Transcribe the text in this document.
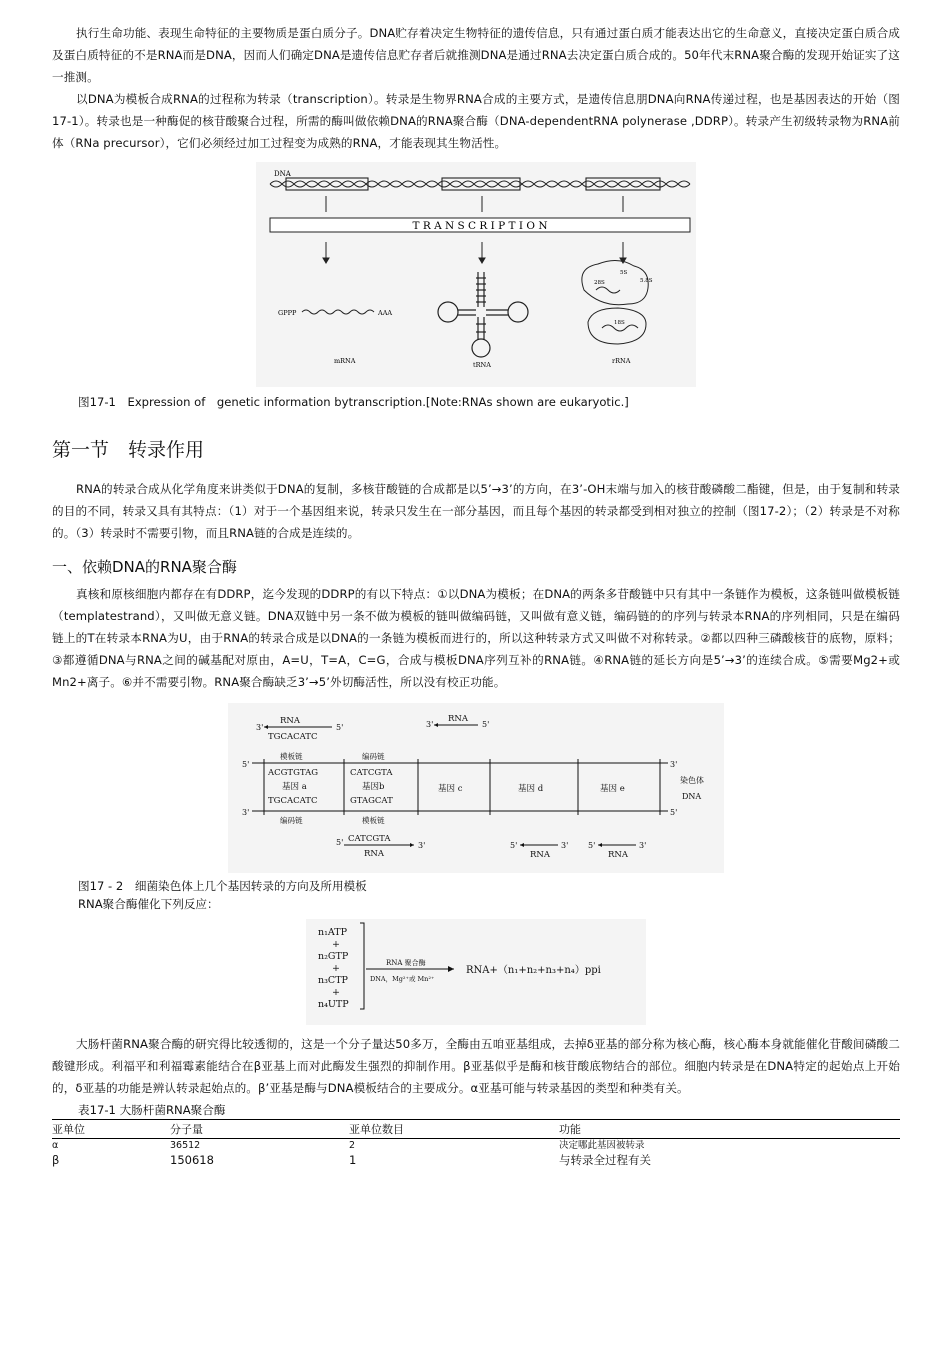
执行生命功能、表现生命特征的主要物质是蛋白质分子。DNA贮存着决定生物特征的遗传信息，只有通过蛋白质才能表达出它的生命意义，直接决定蛋白质合成及蛋白质特征的不是RNA而是DNA，因而人们确定DNA是遗传信息贮存者后就推测DNA是通过RNA去决定蛋白质合成的。50年代末RNA聚合酶的发现开始证实了这一推测。

以DNA为模板合成RNA的过程称为转录（transcription）。转录是生物界RNA合成的主要方式，是遗传信息朋DNA向RNA传递过程，也是基因表达的开始（图17-1）。转录也是一种酶促的核苷酸聚合过程，所需的酶叫做依赖DNA的RNA聚合酶（DNA-dependentRNA polynerase ,DDRP）。转录产生初级转录物为RNA前体（RNa precursor），它们必须经过加工过程变为成熟的RNA，才能表现其生物活性。

DNA
T R A N S C R I P T I O N
GPPP	AAA
mRNA	tRNA
28S
5S
5.8S
18S
rRNA
图17-1　Expression of　genetic information bytranscription.[Note:RNAs shown are eukaryotic.]
第一节　转录作用

RNA的转录合成从化学角度来讲类似于DNA的复制，多核苷酸链的合成都是以5’→3’的方向，在3’-OH末端与加入的核苷酸磷酸二酯键，但是，由于复制和转录的目的不同，转录又具有其特点：（1）对于一个基因组来说，转录只发生在一部分基因，而且每个基因的转录都受到相对独立的控制（图17-2）；（2）转录是不对称的。（3）转录时不需要引物，而且RNA链的合成是连续的。

一、依赖DNA的RNA聚合酶

真核和原核细胞内都存在有DDRP，迄今发现的DDRP的有以下特点：①以DNA为模板；在DNA的两条多苷酸链中只有其中一条链作为模板，这条链叫做模板链（templatestrand），又叫做无意义链。DNA双链中另一条不做为模板的链叫做编码链，又叫做有意义链，编码链的的序列与转录本RNA的序列相同，只是在编码链上的T在转录本RNA为U，由于RNA的转录合成是以DNA的一条链为模板而进行的，所以这种转录方式又叫做不对称转录。②都以四种三磷酸核苷的底物，原料；③都遵循DNA与RNA之间的碱基配对原由，A=U，T=A，C=G，合成与模板DNA序列互补的RNA链。④RNA链的延长方向是5’→3’的连续合成。⑤需要Mg2+或Mn2+离子。⑥并不需要引物。RNA聚合酶缺乏3’→5’外切酶活性，所以没有校正功能。

3'
RNA
5'
TGCACATC
3'
RNA
5'
模板链	编码链
5'
3'
3'
5'
ACGTGTAG
基因 a
TGCACATC
编码链
CATCGTA
基因b
GTAGCAT
模板链
基因 c	基因 d	基因 e
染色体
DNA
5' CATCGTA
3'
RNA
5'	3'
RNA
5'	3'
RNA
图17 - 2　细菌染色体上几个基因转录的方向及所用模板
RNA聚合酶催化下列反应：
n₁ATP
+
n₂GTP
+
n₃CTP
+
n₄UTP
RNA 聚合酶
DNA，Mg²⁺或 Mn²⁺
RNA+（n₁+n₂+n₃+n₄）ppi

大肠杆菌RNA聚合酶的研究得比较透彻的，这是一个分子量达50多万，全酶由五咱亚基组成，去掉δ亚基的部分称为核心酶，核心酶本身就能催化苷酸间磷酸二酸键形成。利福平和利福霉素能结合在β亚基上而对此酶发生强烈的抑制作用。β亚基似乎是酶和核苷酸底物结合的部位。细胞内转录是在DNA特定的起始点上开始的，δ亚基的功能是辨认转录起始点的。β’亚基是酶与DNA模板结合的主要成分。α亚基可能与转录基因的类型和种类有关。

表17-1 大肠杆菌RNA聚合酶
亚单位	分子量	亚单位数目	功能
α	36512	2	决定哪此基因被转录
β	150618	1	与转录全过程有关
